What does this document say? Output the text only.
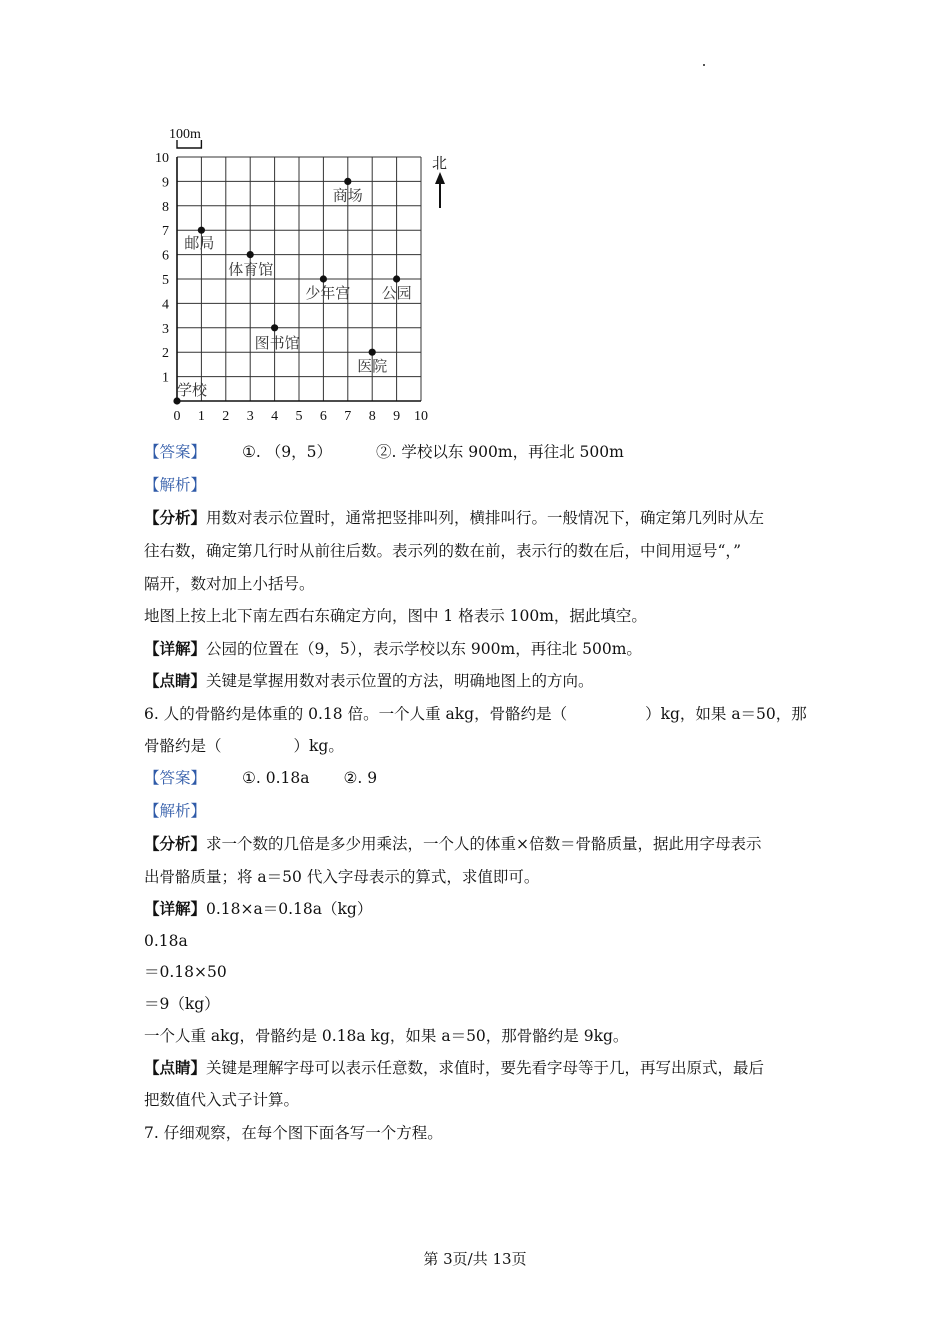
0 1 2 3 4 5 6 7 8 9 10
1
2
3
4
5
6
7
8
9
10
100m
北
学校
邮局
体育馆
图书馆
少年宫
商场
医院
公园
【答案】 ①. （9，5）	②. 学校以东 900m，再往北 500m
【解析】
【分析】用数对表示位置时，通常把竖排叫列，横排叫行。一般情况下，确定第几列时从左
往右数，确定第几行时从前往后数。表示列的数在前，表示行的数在后，中间用逗号“，”
隔开，数对加上小括号。
地图上按上北下南左西右东确定方向，图中 1 格表示 100m，据此填空。
【详解】公园的位置在（9，5），表示学校以东 900m，再往北 500m。
【点睛】关键是掌握用数对表示位置的方法，明确地图上的方向。
6. 人的骨骼约是体重的 0.18 倍。一个人重 akg，骨骼约是（	）kg，如果 a＝50，那
骨骼约是（	）kg。
【答案】 ①. 0.18a ②. 9
【解析】
【分析】求一个数的几倍是多少用乘法，一个人的体重×倍数＝骨骼质量，据此用字母表示
出骨骼质量；将 a＝50 代入字母表示的算式，求值即可。
【详解】0.18×a＝0.18a（kg）
0.18a
＝0.18×50
＝9（kg）
一个人重 akg，骨骼约是 0.18a kg，如果 a＝50，那骨骼约是 9kg。
【点睛】关键是理解字母可以表示任意数，求值时，要先看字母等于几，再写出原式，最后
把数值代入式子计算。
7. 仔细观察，在每个图下面各写一个方程。
第 3页/共 13页
